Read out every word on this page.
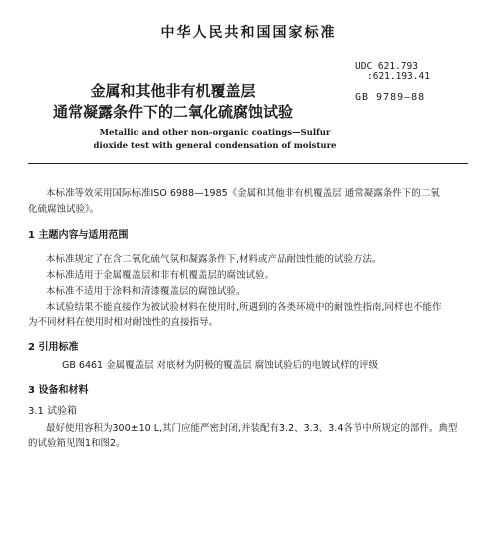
中华人民共和国国家标准
UDC 621.793
:621.193.41
GB 9789—88
金属和其他非有机覆盖层
通常凝露条件下的二氧化硫腐蚀试验
Metallic and other non-organic coatings—Sulfur
dioxide test with general condensation of moisture
本标准等效采用国际标准ISO 6988—1985《金属和其他非有机覆盖层 通常凝露条件下的二氧
化硫腐蚀试验》。
1 主题内容与适用范围
本标准规定了在含二氧化硫气氛和凝露条件下,材料或产品耐蚀性能的试验方法。
本标准适用于金属覆盖层和非有机覆盖层的腐蚀试验。
本标准不适用于涂料和清漆覆盖层的腐蚀试验。
本试验结果不能直接作为被试验材料在使用时,所遇到的各类环境中的耐蚀性指南,同样也不能作
为不同材料在使用时相对耐蚀性的直接指导。
2 引用标准
GB 6461 金属覆盖层 对底材为阴极的覆盖层 腐蚀试验后的电镀试样的评级
3 设备和材料
3.1 试验箱
最好使用容积为300±10 L,其门应能严密封闭,并装配有3.2、3.3、3.4各节中所规定的部件。典型
的试验箱见图1和图2。
